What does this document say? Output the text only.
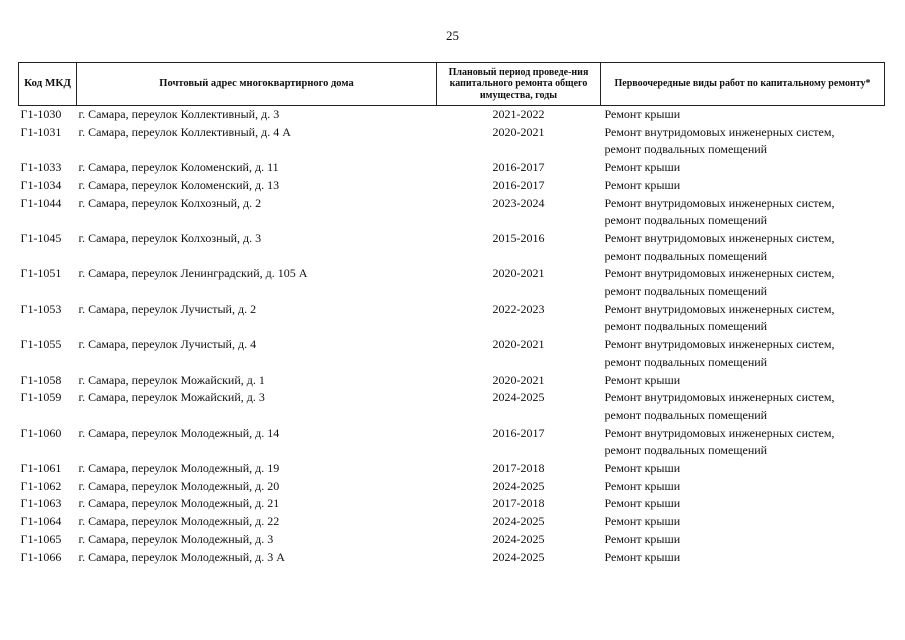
25
Код МКД	Почтовый адрес многоквартирного дома	Плановый период проведе-ния капитального ремонта общего имущества, годы	Первоочередные виды работ по капитальному ремонту*
Г1-1030	г. Самара, переулок Коллективный, д. 3	2021-2022	Ремонт крыши

Г1-1031	г. Самара, переулок Коллективный, д. 4 А	2020-2021	Ремонт внутридомовых инженерных систем,
ремонт подвальных помещений

Г1-1033	г. Самара, переулок Коломенский, д. 11	2016-2017	Ремонт крыши

Г1-1034	г. Самара, переулок Коломенский, д. 13	2016-2017	Ремонт крыши

Г1-1044	г. Самара, переулок Колхозный, д. 2	2023-2024	Ремонт внутридомовых инженерных систем,
ремонт подвальных помещений

Г1-1045	г. Самара, переулок Колхозный, д. 3	2015-2016	Ремонт внутридомовых инженерных систем,
ремонт подвальных помещений

Г1-1051	г. Самара, переулок Ленинградский, д. 105 А	2020-2021	Ремонт внутридомовых инженерных систем,
ремонт подвальных помещений

Г1-1053	г. Самара, переулок Лучистый, д. 2	2022-2023	Ремонт внутридомовых инженерных систем,
ремонт подвальных помещений

Г1-1055	г. Самара, переулок Лучистый, д. 4	2020-2021	Ремонт внутридомовых инженерных систем,
ремонт подвальных помещений

Г1-1058	г. Самара, переулок Можайский, д. 1	2020-2021	Ремонт крыши

Г1-1059	г. Самара, переулок Можайский, д. 3	2024-2025	Ремонт внутридомовых инженерных систем,
ремонт подвальных помещений

Г1-1060	г. Самара, переулок Молодежный, д. 14	2016-2017	Ремонт внутридомовых инженерных систем,
ремонт подвальных помещений

Г1-1061	г. Самара, переулок Молодежный, д. 19	2017-2018	Ремонт крыши

Г1-1062	г. Самара, переулок Молодежный, д. 20	2024-2025	Ремонт крыши

Г1-1063	г. Самара, переулок Молодежный, д. 21	2017-2018	Ремонт крыши

Г1-1064	г. Самара, переулок Молодежный, д. 22	2024-2025	Ремонт крыши

Г1-1065	г. Самара, переулок Молодежный, д. 3	2024-2025	Ремонт крыши

Г1-1066	г. Самара, переулок Молодежный, д. 3 А	2024-2025	Ремонт крыши
